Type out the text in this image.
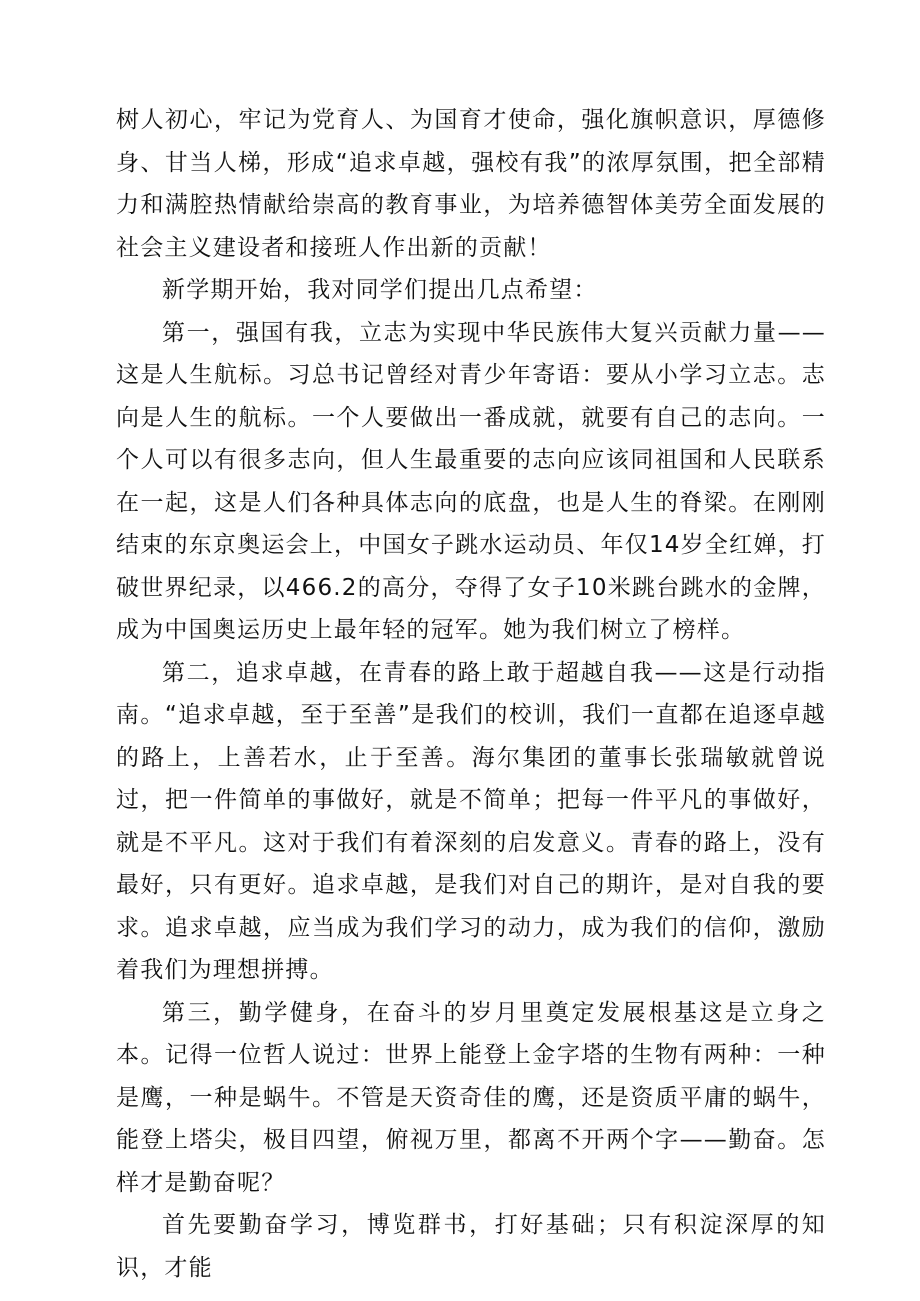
树人初心，牢记为党育人、为国育才使命，强化旗帜意识，厚德修身、甘当人梯，形成“追求卓越，强校有我”的浓厚氛围，把全部精力和满腔热情献给崇高的教育事业，为培养德智体美劳全面发展的社会主义建设者和接班人作出新的贡献！

新学期开始，我对同学们提出几点希望：

第一，强国有我，立志为实现中华民族伟大复兴贡献力量——这是人生航标。习总书记曾经对青少年寄语：要从小学习立志。志向是人生的航标。一个人要做出一番成就，就要有自己的志向。一个人可以有很多志向，但人生最重要的志向应该同祖国和人民联系在一起，这是人们各种具体志向的底盘，也是人生的脊梁。在刚刚结束的东京奥运会上，中国女子跳水运动员、年仅14岁全红婵，打破世界纪录，以466.2的高分，夺得了女子10米跳台跳水的金牌，成为中国奥运历史上最年轻的冠军。她为我们树立了榜样。

第二，追求卓越，在青春的路上敢于超越自我——这是行动指南。“追求卓越，至于至善”是我们的校训，我们一直都在追逐卓越的路上，上善若水，止于至善。海尔集团的董事长张瑞敏就曾说过，把一件简单的事做好，就是不简单；把每一件平凡的事做好，就是不平凡。这对于我们有着深刻的启发意义。青春的路上，没有最好，只有更好。追求卓越，是我们对自己的期许，是对自我的要求。追求卓越，应当成为我们学习的动力，成为我们的信仰，激励着我们为理想拼搏。

第三，勤学健身，在奋斗的岁月里奠定发展根基这是立身之本。记得一位哲人说过：世界上能登上金字塔的生物有两种：一种是鹰，一种是蜗牛。不管是天资奇佳的鹰，还是资质平庸的蜗牛，能登上塔尖，极目四望，俯视万里，都离不开两个字——勤奋。怎样才是勤奋呢？

首先要勤奋学习，博览群书，打好基础；只有积淀深厚的知识，才能
